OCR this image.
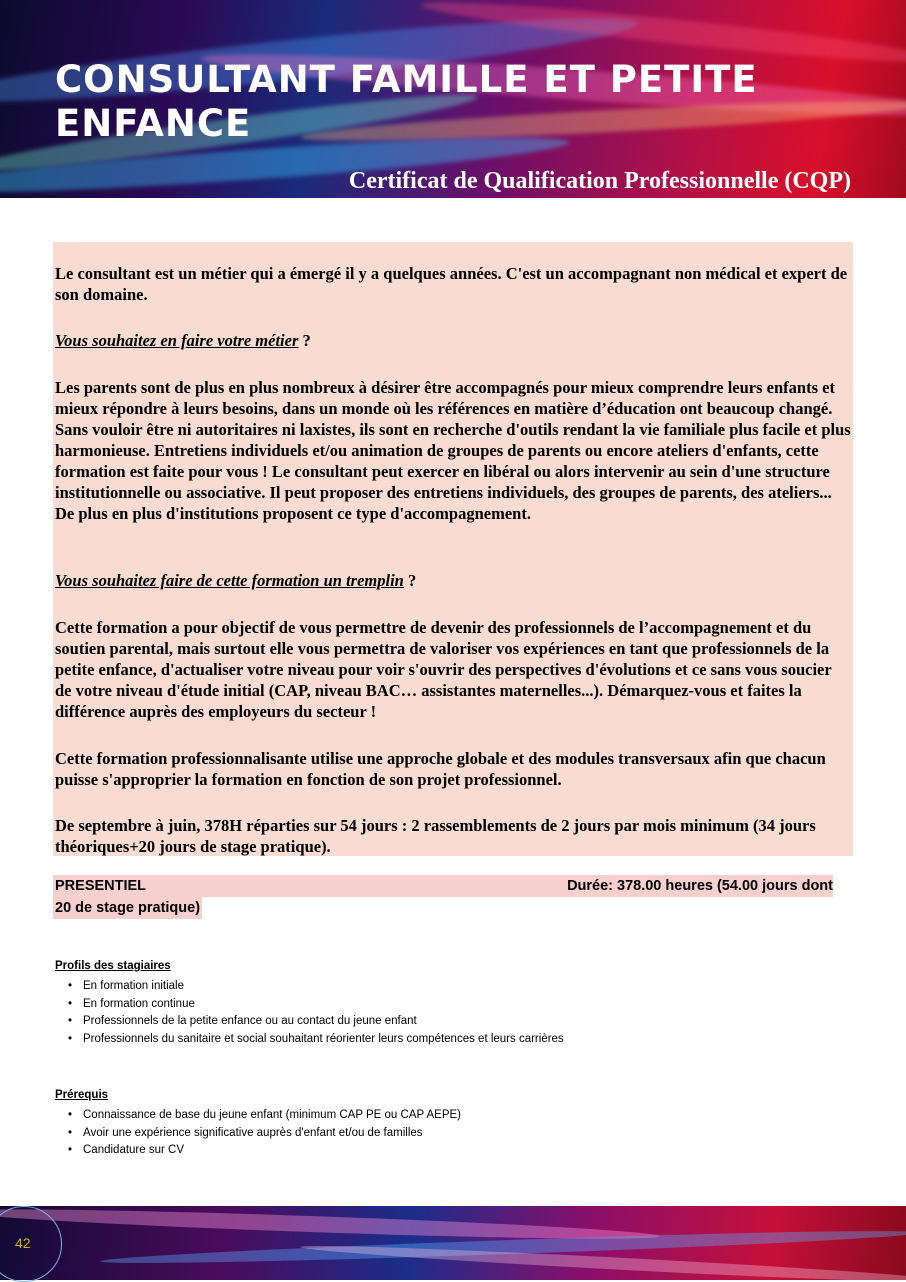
CONSULTANT FAMILLE ET PETITE ENFANCE

Certificat de Qualification Professionnelle (CQP)

Le consultant est un métier qui a émergé il y a quelques années. C'est un accompagnant non médical et expert de son domaine.

Vous souhaitez en faire votre métier ?

Les parents sont de plus en plus nombreux à désirer être accompagnés pour mieux comprendre leurs enfants et mieux répondre à leurs besoins, dans un monde où les références en matière d’éducation ont beaucoup changé. Sans vouloir être ni autoritaires ni laxistes, ils sont en recherche d'outils rendant la vie familiale plus facile et plus harmonieuse. Entretiens individuels et/ou animation de groupes de parents ou encore ateliers d'enfants, cette formation est faite pour vous ! Le consultant peut exercer en libéral ou alors intervenir au sein d'une structure institutionnelle ou associative. Il peut proposer des entretiens individuels, des groupes de parents, des ateliers... De plus en plus d'institutions proposent ce type d'accompagnement.

Vous souhaitez faire de cette formation un tremplin ?

Cette formation a pour objectif de vous permettre de devenir des professionnels de l’accompagnement et du soutien parental, mais surtout elle vous permettra de valoriser vos expériences en tant que professionnels de la petite enfance, d'actualiser votre niveau pour voir s'ouvrir des perspectives d'évolutions et ce sans vous soucier de votre niveau d'étude initial (CAP, niveau BAC… assistantes maternelles...). Démarquez-vous et faites la différence auprès des employeurs du secteur !

Cette formation professionnalisante utilise une approche globale et des modules transversaux afin que chacun puisse s'approprier la formation en fonction de son projet professionnel.

De septembre à juin, 378H réparties sur 54 jours : 2 rassemblements de 2 jours par mois minimum (34 jours théoriques+20 jours de stage pratique).

PRESENTIEL	Durée: 378.00 heures (54.00 jours dont
20 de stage pratique)
Profils des stagiaires
• En formation initiale
• En formation continue
• Professionnels de la petite enfance ou au contact du jeune enfant
• Professionnels du sanitaire et social souhaitant réorienter leurs compétences et leurs carrières
Prérequis
• Connaissance de base du jeune enfant (minimum CAP PE ou CAP AEPE)
• Avoir une expérience significative auprès d'enfant et/ou de familles
• Candidature sur CV
42
